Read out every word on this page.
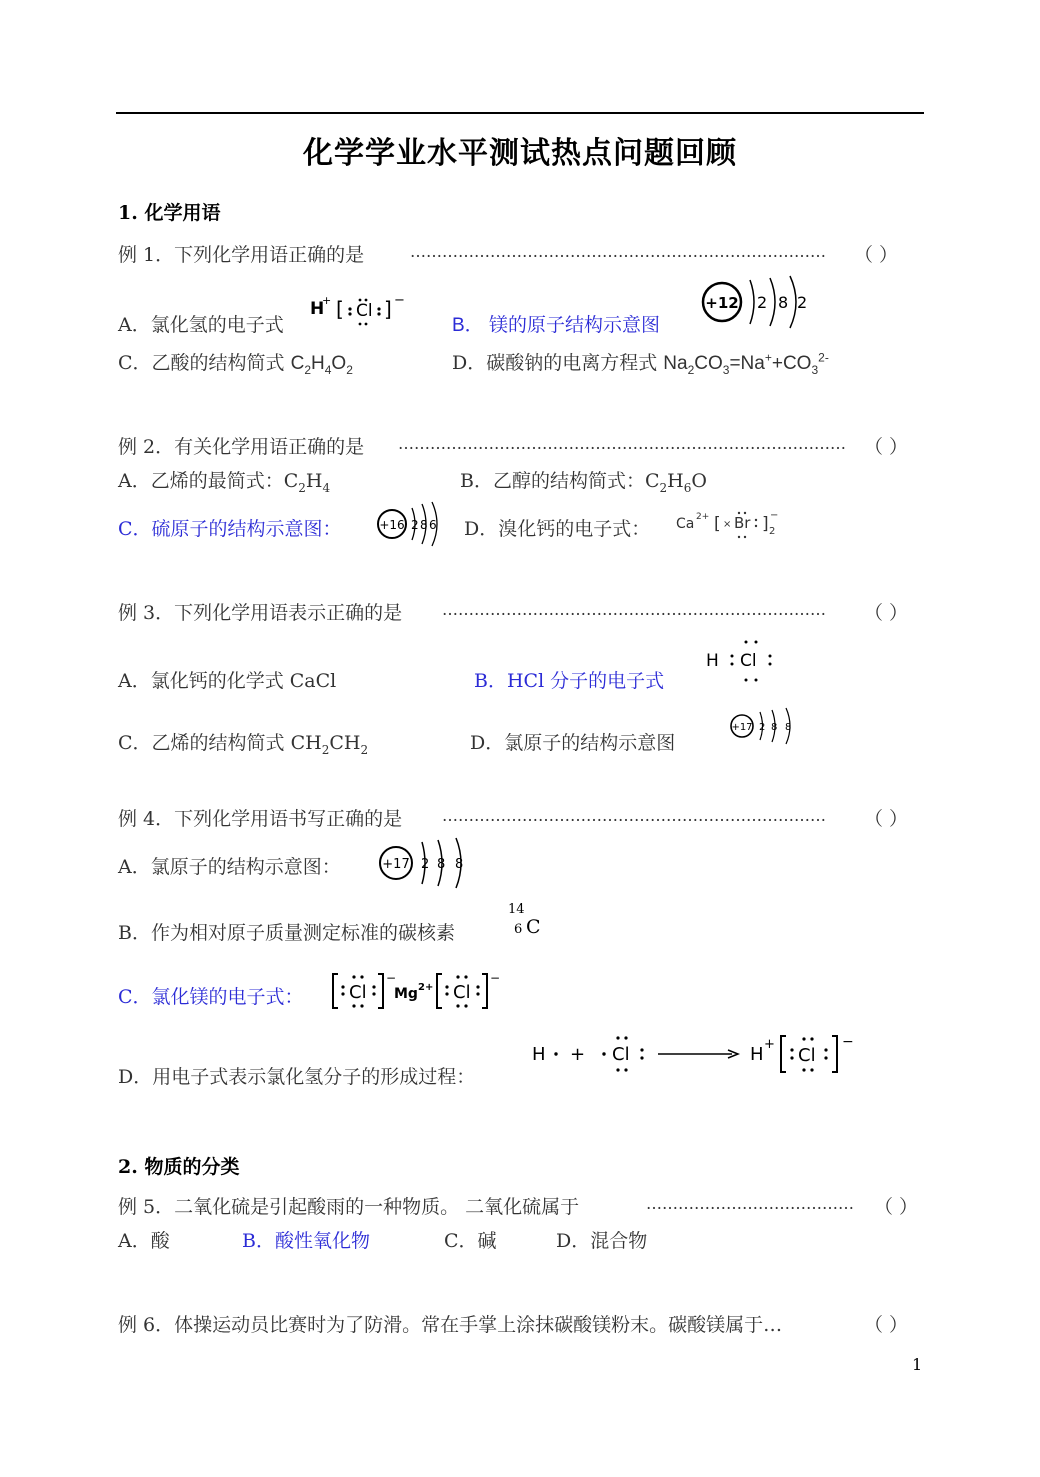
化学学业水平测试热点问题回顾
1. 化学用语
例 1．下列化学用语正确的是	……………………………………………………………………	（ ）
A．氯化氢的电子式
H
+ [ Cl ] −
B． 镁的原子结构示意图
+12 2 8 2
C．乙酸的结构简式 $C_2H_4O_2$	D．碳酸钠的电离方程式 $Na_2CO_3=Na^++CO_3^{2-}$
例 2．有关化学用语正确的是 ………………………………………………………………………… （ ）
A．乙烯的最简式：$C_2H_4$	B．乙醇的结构简式：$C_2H_6O$
C．硫原子的结构示意图：	+16 2 8 6 D．溴化钙的电子式： Ca 2+ [ × Br ] 2
−
例 3．下列化学用语表示正确的是 ………………………………………………………………	（ ）
A．氯化钙的化学式 CaCl	B．HCl 分子的电子式
H Cl
C．乙烯的结构简式 $CH_2CH_2$	D．氯原子的结构示意图
+17 2 8 8
例 4．下列化学用语书写正确的是 ………………………………………………………………	（ ）
A．氯原子的结构示意图：	+17 2 8 8
B．作为相对原子质量测定标准的碳核素
14
6 C
C．氯化镁的电子式：	Cl
−
Mg 2+ Cl
−
D．用电子式表示氯化氢分子的形成过程：
H + Cl	H +
Cl
−
2. 物质的分类
例 5．二氧化硫是引起酸雨的一种物质。 二氧化硫属于	…………………………………	（ ）
A．酸	B．酸性氧化物	C．碱	D．混合物
例 6．体操运动员比赛时为了防滑。常在手掌上涂抹碳酸镁粉末。碳酸镁属于…	（ ）
1
